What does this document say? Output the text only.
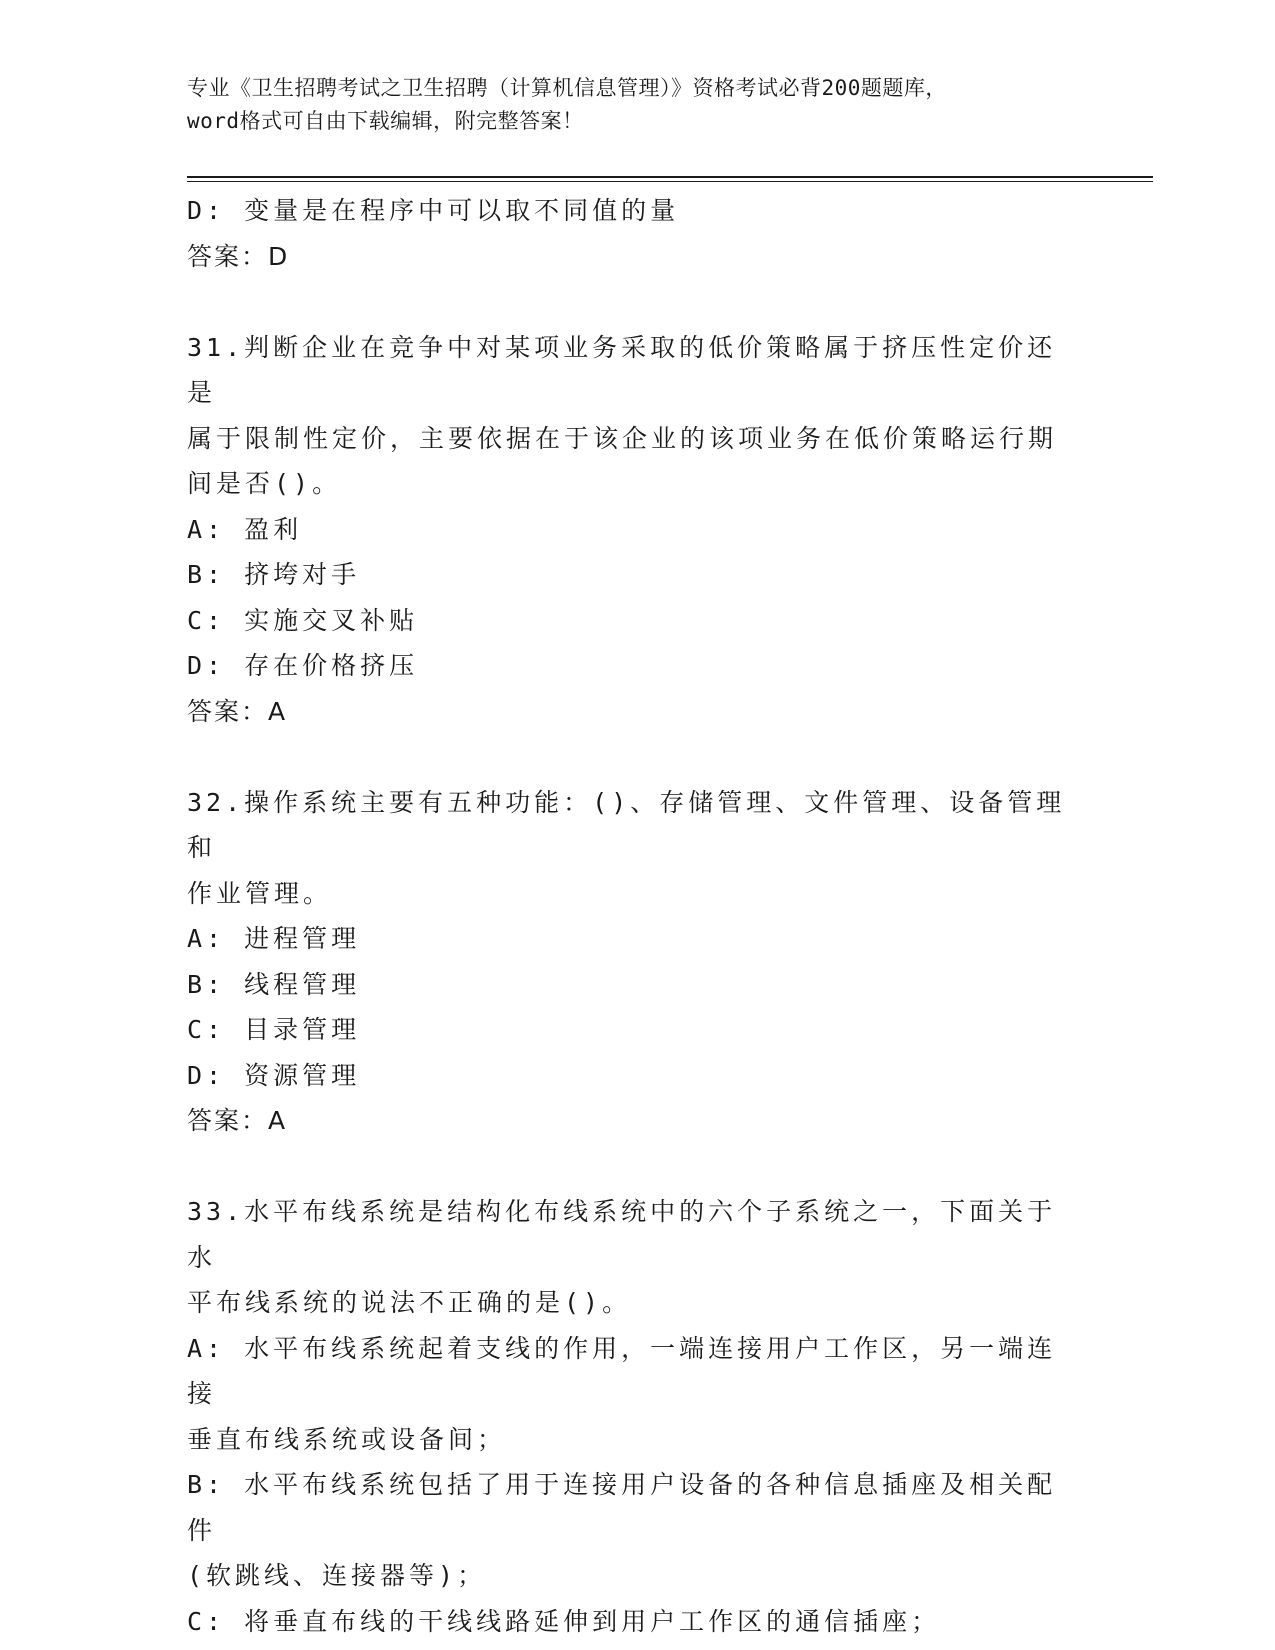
专业《卫生招聘考试之卫生招聘（计算机信息管理）》资格考试必背200题题库，
word格式可自由下载编辑，附完整答案！
D: 变量是在程序中可以取不同值的量
答案：D
31.判断企业在竞争中对某项业务采取的低价策略属于挤压性定价还是
属于限制性定价，主要依据在于该企业的该项业务在低价策略运行期
间是否()。
A: 盈利
B: 挤垮对手
C: 实施交叉补贴
D: 存在价格挤压
答案：A
32.操作系统主要有五种功能：()、存储管理、文件管理、设备管理和
作业管理。
A: 进程管理
B: 线程管理
C: 目录管理
D: 资源管理
答案：A
33.水平布线系统是结构化布线系统中的六个子系统之一，下面关于水
平布线系统的说法不正确的是()。
A: 水平布线系统起着支线的作用，一端连接用户工作区，另一端连接
垂直布线系统或设备间；
B: 水平布线系统包括了用于连接用户设备的各种信息插座及相关配件
(软跳线、连接器等)；
C: 将垂直布线的干线线路延伸到用户工作区的通信插座；
